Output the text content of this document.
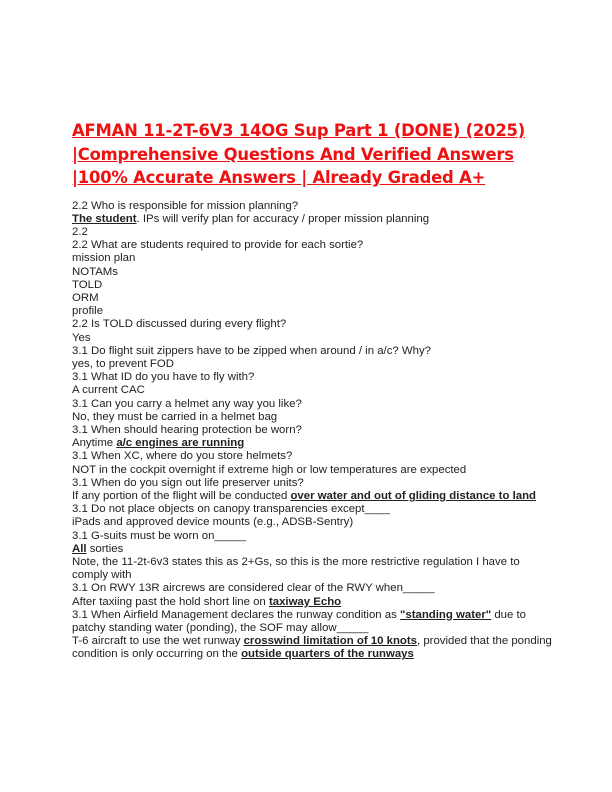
AFMAN 11-2T-6V3 14OG Sup Part 1 (DONE) (2025)
|Comprehensive Questions And Verified Answers
|100% Accurate Answers | Already Graded A+

2.2 Who is responsible for mission planning?

The student. IPs will verify plan for accuracy / proper mission planning

2.2

2.2 What are students required to provide for each sortie?

mission plan

NOTAMs

TOLD

ORM

profile

2.2 Is TOLD discussed during every flight?

Yes

3.1 Do flight suit zippers have to be zipped when around / in a/c? Why?

yes, to prevent FOD

3.1 What ID do you have to fly with?

A current CAC

3.1 Can you carry a helmet any way you like?

No, they must be carried in a helmet bag

3.1 When should hearing protection be worn?

Anytime a/c engines are running

3.1 When XC, where do you store helmets?

NOT in the cockpit overnight if extreme high or low temperatures are expected

3.1 When do you sign out life preserver units?

If any portion of the flight will be conducted over water and out of gliding distance to land

3.1 Do not place objects on canopy transparencies except____

iPads and approved device mounts (e.g., ADSB-Sentry)

3.1 G-suits must be worn on_____

All sorties

Note, the 11-2t-6v3 states this as 2+Gs, so this is the more restrictive regulation I have to comply with

3.1 On RWY 13R aircrews are considered clear of the RWY when_____

After taxiing past the hold short line on taxiway Echo

3.1 When Airfield Management declares the runway condition as "standing water" due to patchy standing water (ponding), the SOF may allow_____

T-6 aircraft to use the wet runway crosswind limitation of 10 knots, provided that the ponding condition is only occurring on the outside quarters of the runways
